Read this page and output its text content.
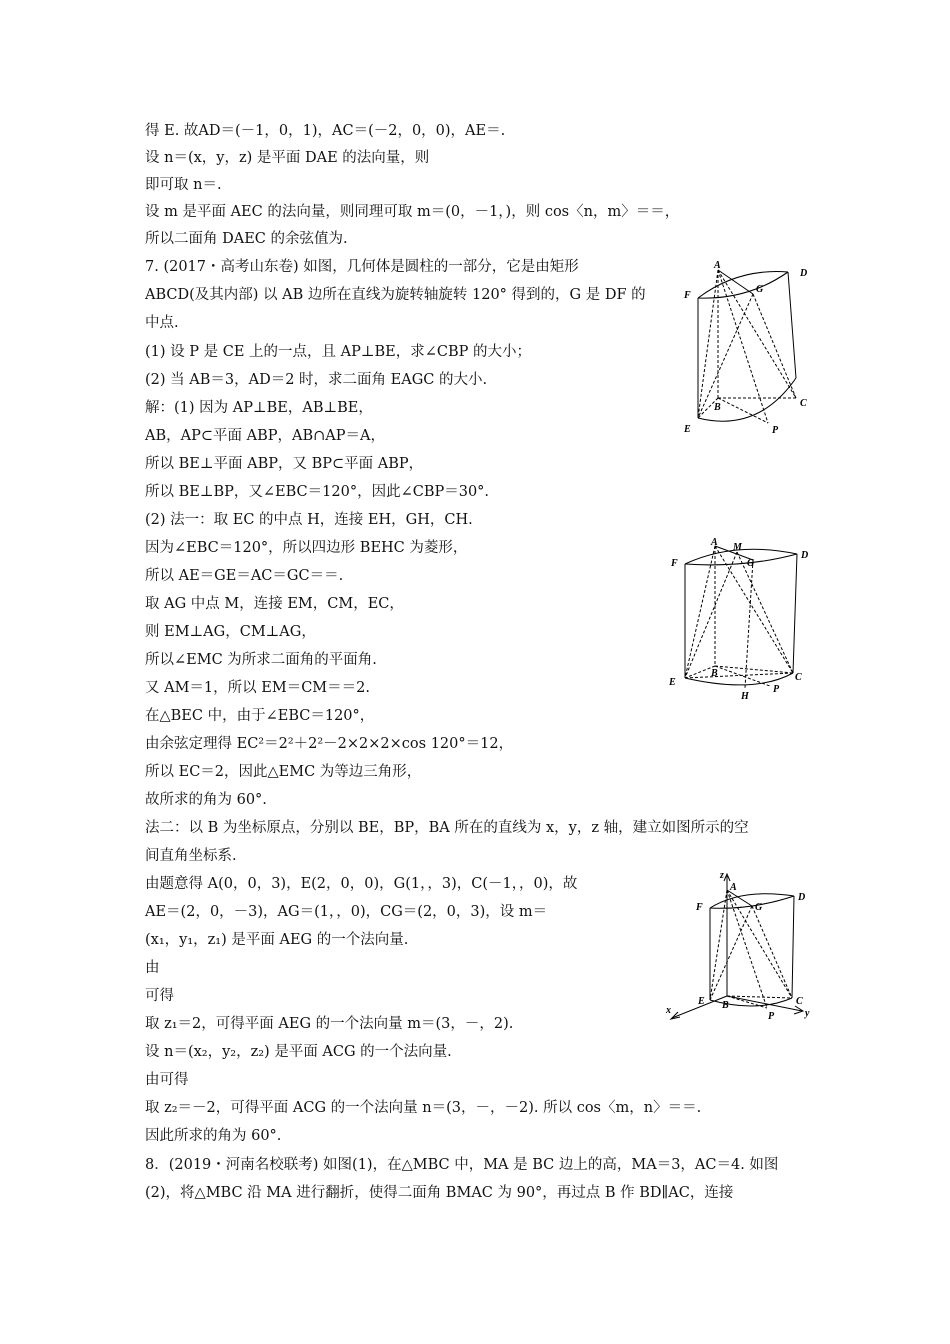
得 E. 故AD＝(－1，0，1)，AC＝(－2，0，0)，AE＝.
设 n＝(x，y，z) 是平面 DAE 的法向量，则
即可取 n＝.
设 m 是平面 AEC 的法向量，则同理可取 m＝(0，－1，)，则 cos〈n，m〉＝＝，
所以二面角 DAEC 的余弦值为.
7. (2017・高考山东卷) 如图，几何体是圆柱的一部分，它是由矩形
ABCD(及其内部) 以 AB 边所在直线为旋转轴旋转 120° 得到的，G 是 DF 的
中点.
(1) 设 P 是 CE 上的一点，且 AP⊥BE，求∠CBP 的大小；
(2) 当 AB＝3，AD＝2 时，求二面角 EAGC 的大小.
解：(1) 因为 AP⊥BE，AB⊥BE，
AB，AP⊂平面 ABP，AB∩AP＝A，
所以 BE⊥平面 ABP，又 BP⊂平面 ABP，
所以 BE⊥BP，又∠EBC＝120°，因此∠CBP＝30°.
(2) 法一：取 EC 的中点 H，连接 EH，GH，CH.
因为∠EBC＝120°，所以四边形 BEHC 为菱形，
所以 AE＝GE＝AC＝GC＝＝.
取 AG 中点 M，连接 EM，CM，EC，
则 EM⊥AG，CM⊥AG，
所以∠EMC 为所求二面角的平面角.
又 AM＝1，所以 EM＝CM＝＝2.
在△BEC 中，由于∠EBC＝120°，
由余弦定理得 EC²＝2²＋2²－2×2×2×cos 120°＝12，
所以 EC＝2，因此△EMC 为等边三角形，
故所求的角为 60°.
法二：以 B 为坐标原点，分别以 BE，BP，BA 所在的直线为 x，y，z 轴，建立如图所示的空
间直角坐标系.
由题意得 A(0，0，3)，E(2，0，0)，G(1，，3)，C(－1，，0)，故
AE＝(2，0，－3)，AG＝(1，，0)，CG＝(2，0，3)，设 m＝
(x₁，y₁，z₁) 是平面 AEG 的一个法向量.
由
可得
取 z₁＝2，可得平面 AEG 的一个法向量 m＝(3，－，2).
设 n＝(x₂，y₂，z₂) 是平面 ACG 的一个法向量.
由可得
取 z₂＝－2，可得平面 ACG 的一个法向量 n＝(3，－，－2). 所以 cos〈m，n〉＝＝.
因此所求的角为 60°.
8．(2019・河南名校联考) 如图(1)，在△MBC 中，MA 是 BC 边上的高，MA＝3，AC＝4. 如图
(2)，将△MBC 沿 MA 进行翻折，使得二面角 BMAC 为 90°，再过点 B 作 BD∥AC，连接
A
D
F
G
B	C
E	P
A M
D
F	G
B	C
E
H
P
z
A
D
F	G
B	C
E
P
x	y
